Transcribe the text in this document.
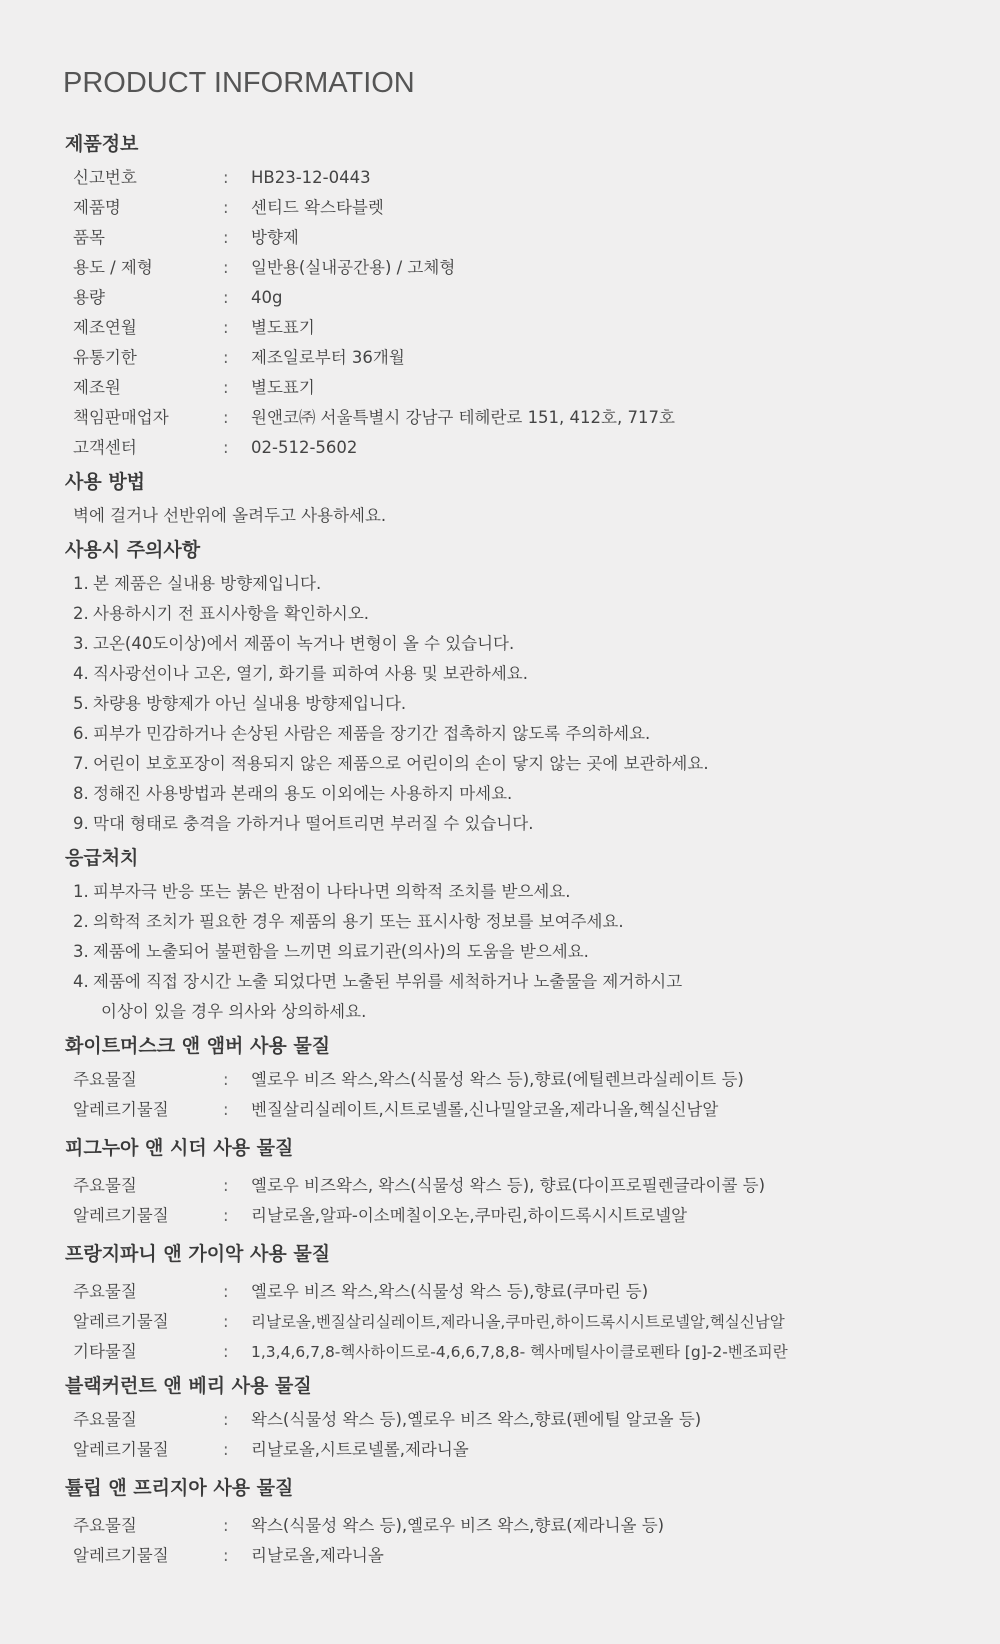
PRODUCT INFORMATION
제품정보
신고번호	:	HB23-12-0443
제품명	:	센티드 왁스타블렛
품목	:	방향제
용도 / 제형	:	일반용(실내공간용) / 고체형
용량	:	40g
제조연월	:	별도표기
유통기한	:	제조일로부터 36개월
제조원	:	별도표기
책임판매업자	:	원앤코㈜ 서울특별시 강남구 테헤란로 151, 412호, 717호
고객센터	:	02-512-5602
사용 방법
벽에 걸거나 선반위에 올려두고 사용하세요.
사용시 주의사항
1. 본 제품은 실내용 방향제입니다.
2. 사용하시기 전 표시사항을 확인하시오.
3. 고온(40도이상)에서 제품이 녹거나 변형이 올 수 있습니다.
4. 직사광선이나 고온, 열기, 화기를 피하여 사용 및 보관하세요.
5. 차량용 방향제가 아닌 실내용 방향제입니다.
6. 피부가 민감하거나 손상된 사람은 제품을 장기간 접촉하지 않도록 주의하세요.
7. 어린이 보호포장이 적용되지 않은 제품으로 어린이의 손이 닿지 않는 곳에 보관하세요.
8. 정해진 사용방법과 본래의 용도 이외에는 사용하지 마세요.
9. 막대 형태로 충격을 가하거나 떨어트리면 부러질 수 있습니다.
응급처치
1. 피부자극 반응 또는 붉은 반점이 나타나면 의학적 조치를 받으세요.
2. 의학적 조치가 필요한 경우 제품의 용기 또는 표시사항 정보를 보여주세요.
3. 제품에 노출되어 불편함을 느끼면 의료기관(의사)의 도움을 받으세요.
4. 제품에 직접 장시간 노출 되었다면 노출된 부위를 세척하거나 노출물을 제거하시고
이상이 있을 경우 의사와 상의하세요.
화이트머스크 앤 앰버 사용 물질
주요물질	:	옐로우 비즈 왁스,왁스(식물성 왁스 등),향료(에틸렌브라실레이트 등)
알레르기물질	:	벤질살리실레이트,시트로넬롤,신나밀알코올,제라니올,헥실신남알
피그누아 앤 시더 사용 물질
주요물질	:	옐로우 비즈왁스, 왁스(식물성 왁스 등), 향료(다이프로필렌글라이콜 등)
알레르기물질	:	리날로올,알파-이소메칠이오논,쿠마린,하이드록시시트로넬알
프랑지파니 앤 가이악 사용 물질
주요물질	:	옐로우 비즈 왁스,왁스(식물성 왁스 등),향료(쿠마린 등)
알레르기물질	:	리날로올,벤질살리실레이트,제라니올,쿠마린,하이드록시시트로넬알,헥실신남알
기타물질	:	1,3,4,6,7,8-헥사하이드로-4,6,6,7,8,8- 헥사메틸사이클로펜타 [g]-2-벤조피란
블랙커런트 앤 베리 사용 물질
주요물질	:	왁스(식물성 왁스 등),옐로우 비즈 왁스,향료(펜에틸 알코올 등)
알레르기물질	:	리날로올,시트로넬롤,제라니올
튤립 앤 프리지아 사용 물질
주요물질	:	왁스(식물성 왁스 등),옐로우 비즈 왁스,향료(제라니올 등)
알레르기물질	:	리날로올,제라니올
